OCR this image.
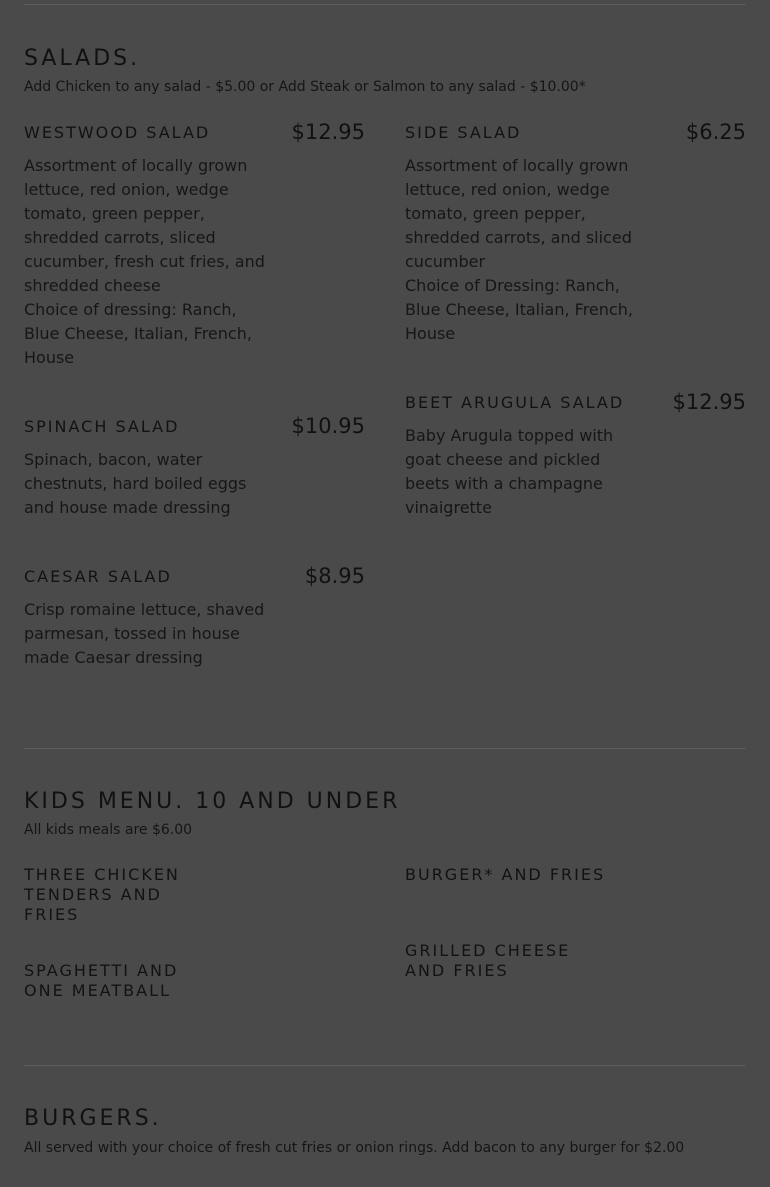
SALADS.

Add Chicken to any salad - $5.00 or Add Steak or Salmon to any salad - $10.00*

WESTWOOD SALAD	$12.95

Assortment of locally grown lettuce, red onion, wedge tomato, green pepper, shredded carrots, sliced cucumber, fresh cut fries, and shredded cheese

Choice of dressing: Ranch, Blue Cheese, Italian, French, House

SIDE SALAD	$6.25

Assortment of locally grown lettuce, red onion, wedge tomato, green pepper, shredded carrots, and sliced cucumber

Choice of Dressing: Ranch, Blue Cheese, Italian, French, House

SPINACH SALAD	$10.95

Spinach, bacon, water chestnuts, hard boiled eggs and house made dressing

BEET ARUGULA SALAD	$12.95

Baby Arugula topped with goat cheese and pickled beets with a champagne vinaigrette

CAESAR SALAD	$8.95

Crisp romaine lettuce, shaved parmesan, tossed in house made Caesar dressing

KIDS MENU. 10 AND UNDER

All kids meals are $6.00

THREE CHICKEN TENDERS AND FRIES
BURGER* AND FRIES
SPAGHETTI AND ONE MEATBALL
GRILLED CHEESE AND FRIES
BURGERS.

All served with your choice of fresh cut fries or onion rings. Add bacon to any burger for $2.00
